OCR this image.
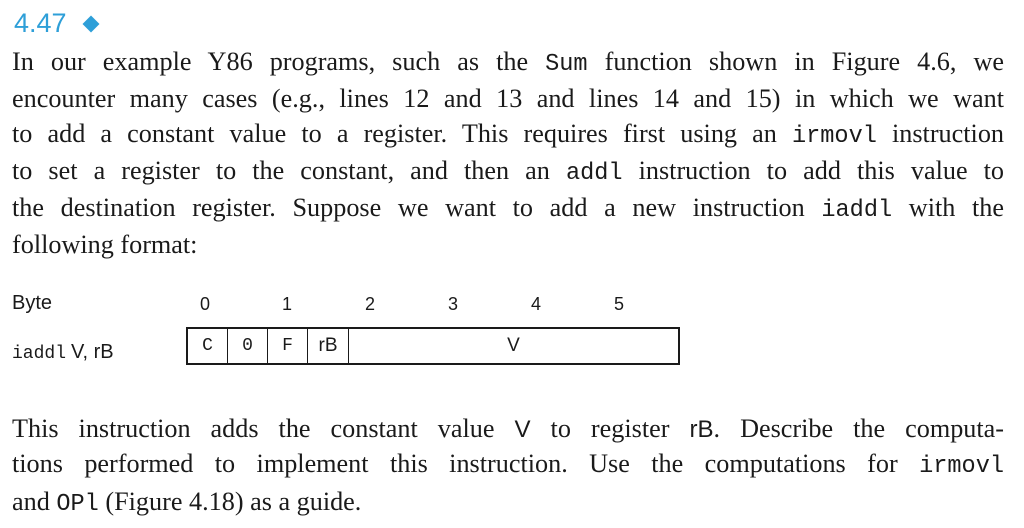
4.47

In our example Y86 programs, such as the Sum function shown in Figure 4.6, we
encounter many cases (e.g., lines 12 and 13 and lines 14 and 15) in which we want
to add a constant value to a register. This requires first using an irmovl instruction
to set a register to the constant, and then an addl instruction to add this value to
the destination register. Suppose we want to add a new instruction iaddl with the
following format:

Byte	0	1	2	3	4	5
iaddl V, rB	C	0	F	rB	V

This instruction adds the constant value V to register rB. Describe the computa-
tions performed to implement this instruction. Use the computations for irmovl
and OPl (Figure 4.18) as a guide.
